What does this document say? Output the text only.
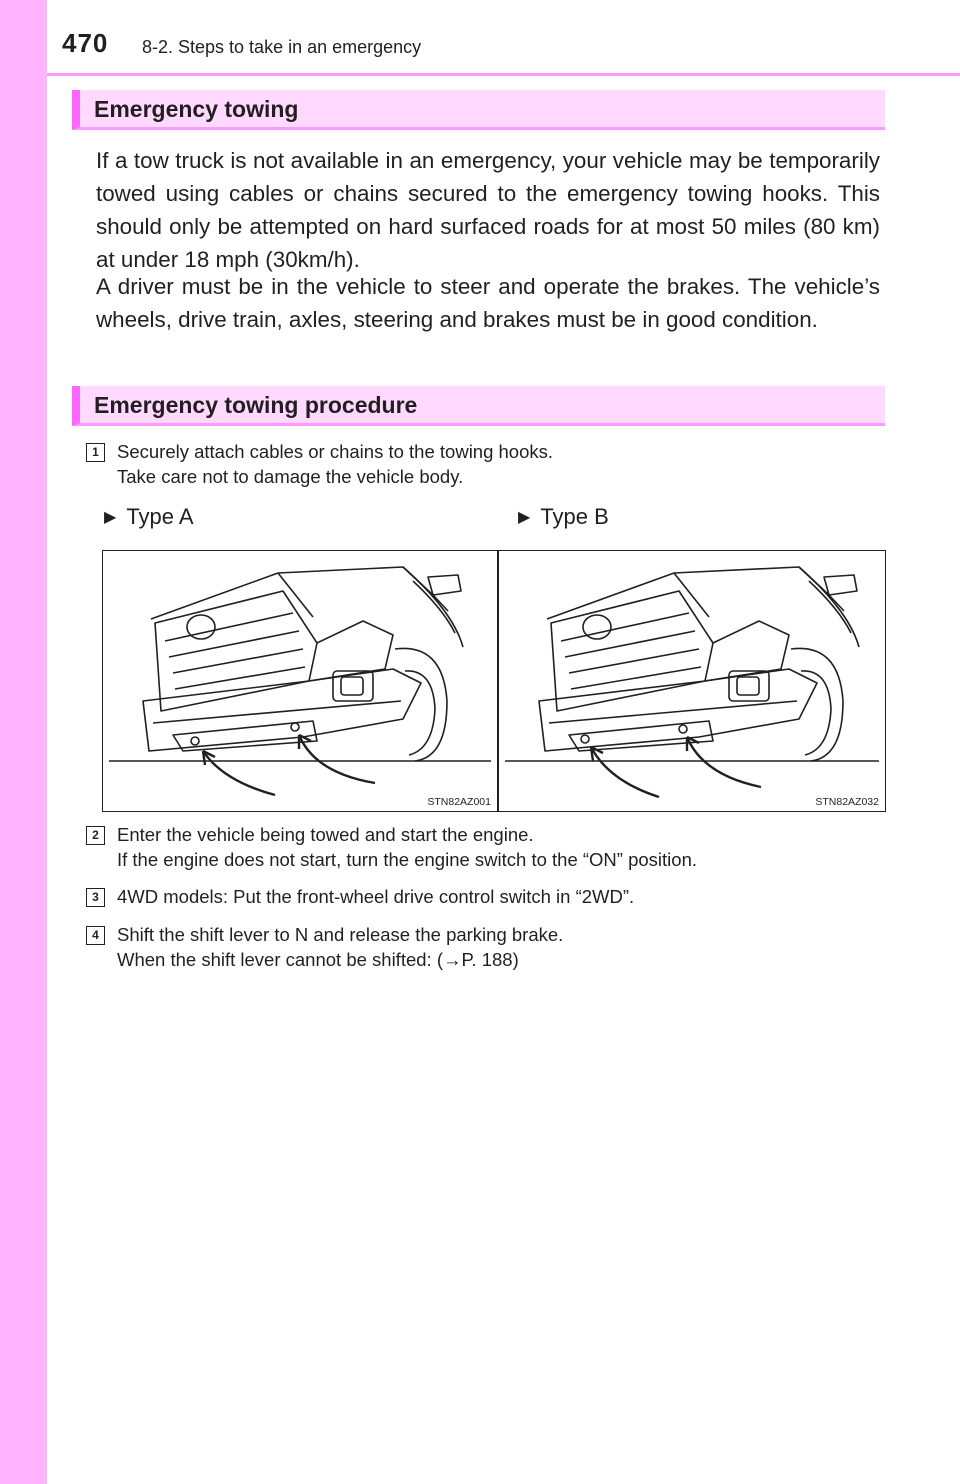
470 8-2. Steps to take in an emergency
Emergency towing
If a tow truck is not available in an emergency, your vehicle may be temporarily towed using cables or chains secured to the emergency towing hooks. This should only be attempted on hard surfaced roads for at most 50 miles (80 km) at under 18 mph (30km/h).
A driver must be in the vehicle to steer and operate the brakes. The vehicle’s wheels, drive train, axles, steering and brakes must be in good condition.
Emergency towing procedure
1 Securely attach cables or chains to the towing hooks.
Take care not to damage the vehicle body.
▶ Type A	▶ Type B
STN82AZ001	STN82AZ032
2 Enter the vehicle being towed and start the engine.
If the engine does not start, turn the engine switch to the “ON” position.
3 4WD models: Put the front-wheel drive control switch in “2WD”.
4 Shift the shift lever to N and release the parking brake.
When the shift lever cannot be shifted: (→P. 188)
